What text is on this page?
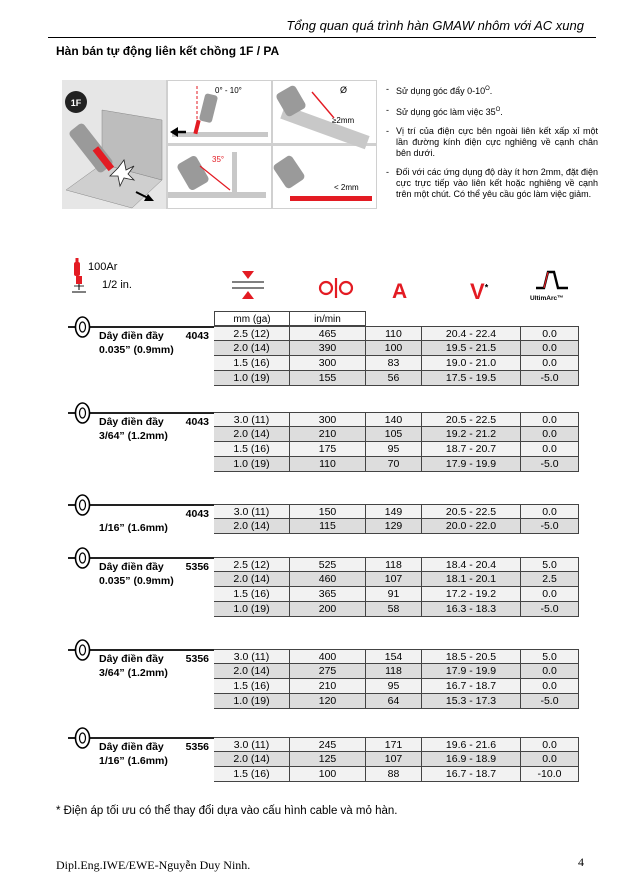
Tổng quan quá trình hàn GMAW nhôm với AC xung
Hàn bán tự động liên kết chồng 1F / PA
1F
0° - 10°	Ø
≥2mm
35°
< 2mm
- Sử dụng góc đẩy $0-10^O$.
- Sử dụng góc làm việc $35^O$.
- Vị trí của điện cực bên ngoài liên kết xấp xỉ một lần đường kính điện cực nghiêng về cạnh chân bên dưới.
- Đối với các ứng dụng độ dày ít hơn 2mm, đặt điện cực trực tiếp vào liên kết hoặc nghiêng về cạnh trên một chút. Có thể yêu cầu góc làm việc giảm.
100Ar
1/2 in.	A	V*
UltimArc™
mm (ga)	in/min
Dây điền đầy 4043
0.035” (0.9mm)
2.5 (12)	465	110	20.4 - 22.4	0.0
2.0 (14)	390	100	19.5 - 21.5	0.0
1.5 (16)	300	83	19.0 - 21.0	0.0
1.0 (19)	155	56	17.5 - 19.5	-5.0
Dây điền đầy 4043
3/64” (1.2mm)
3.0 (11)	300	140	20.5 - 22.5	0.0
2.0 (14)	210	105	19.2 - 21.2	0.0
1.5 (16)	175	95	18.7 - 20.7	0.0
1.0 (19)	110	70	17.9 - 19.9	-5.0
4043
1/16” (1.6mm)
3.0 (11)	150	149	20.5 - 22.5	0.0
2.0 (14)	115	129	20.0 - 22.0	-5.0
Dây điền đầy 5356
0.035” (0.9mm)
2.5 (12)	525	118	18.4 - 20.4	5.0
2.0 (14)	460	107	18.1 - 20.1	2.5
1.5 (16)	365	91	17.2 - 19.2	0.0
1.0 (19)	200	58	16.3 - 18.3	-5.0
Dây điền đầy 5356
3/64” (1.2mm)
3.0 (11)	400	154	18.5 - 20.5	5.0
2.0 (14)	275	118	17.9 - 19.9	0.0
1.5 (16)	210	95	16.7 - 18.7	0.0
1.0 (19)	120	64	15.3 - 17.3	-5.0
Dây điền đầy 5356
1/16” (1.6mm)
3.0 (11)	245	171	19.6 - 21.6	0.0
2.0 (14)	125	107	16.9 - 18.9	0.0
1.5 (16)	100	88	16.7 - 18.7	-10.0
* Điện áp tối ưu có thể thay đổi dựa vào cấu hình cable và mỏ hàn.
Dipl.Eng.IWE/EWE-Nguyễn Duy Ninh.	4
